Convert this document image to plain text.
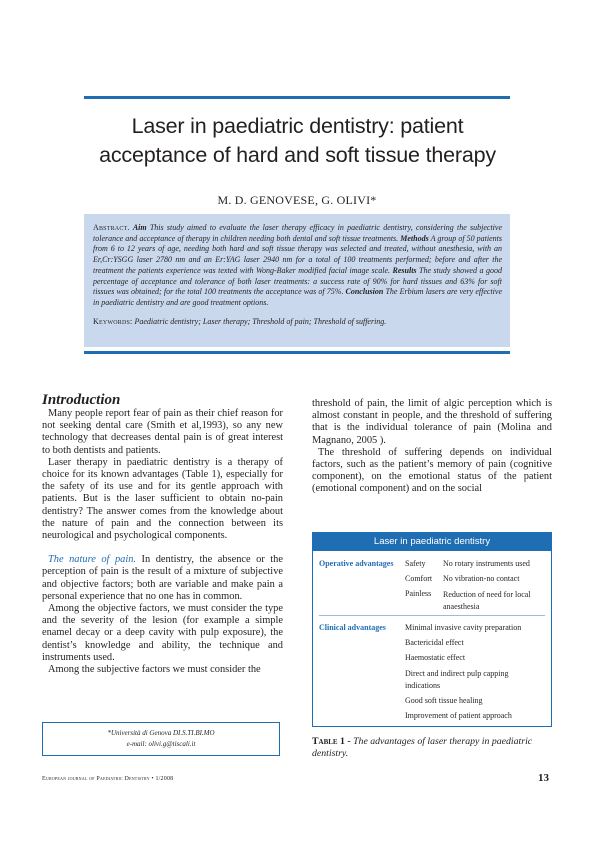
Laser in paediatric dentistry: patient
acceptance of hard and soft tissue therapy
M. D. GENOVESE, G. OLIVI*
Abstract. Aim This study aimed to evaluate the laser therapy efficacy in paediatric dentistry, considering the subjective tolerance and acceptance of therapy in children needing both dental and soft tissue treatments. Methods A group of 50 patients from 6 to 12 years of age, needing both hard and soft tissue therapy was selected and treated, without anesthesia, with an Er,Cr:YSGG laser 2780 nm and an Er:YAG laser 2940 nm for a total of 100 treatments performed; before and after the treatment the patients experience was texted with Wong-Baker modified facial image scale. Results The study showed a good percentage of acceptance and tolerance of both laser treatments: a success rate of 90% for hard tissues and 63% for soft tissues was obtained; for the total 100 treatments the acceptance was of 75%. Conclusion The Erbium lasers are very effective in paediatric dentistry and are good treatment options.
Keywords: Paediatric dentistry; Laser therapy; Threshold of pain; Threshold of suffering.
Introduction

Many people report fear of pain as their chief reason for not seeking dental care (Smith et al,1993), so any new technology that decreases dental pain is of great interest to both dentists and patients.

Laser therapy in paediatric dentistry is a therapy of choice for its known advantages (Table 1), especially for the safety of its use and for its gentle approach with patients. But is the laser sufficient to obtain no-pain dentistry? The answer comes from the knowledge about the nature of pain and the connection between its neurological and psychological components.

The nature of pain. In dentistry, the absence or the perception of pain is the result of a mixture of subjective and objective factors; both are variable and make pain a personal experience that no one has in common.

Among the objective factors, we must consider the type and the severity of the lesion (for example a simple enamel decay or a deep cavity with pulp exposure), the dentist’s knowledge and ability, the technique and instruments used.

Among the subjective factors we must consider the

*Università di Genova DI.S.TI.BI.MO
e-mail: olivi.g@tiscali.it

threshold of pain, the limit of algic perception which is almost constant in people, and the threshold of suffering that is the individual tolerance of pain (Molina and Magnano, 2005 ).

The threshold of suffering depends on individual factors, such as the patient’s memory of pain (cognitive component), on the emotional status of the patient (emotional component) and on the social

Laser in paediatric dentistry
Operative advantages Safety No rotary instruments used
Comfort	No vibration-no contact
Painless Reduction of need for local anaesthesia
Clinical advantages Minimal invasive cavity preparation
Bactericidal effect
Haemostatic effect
Direct and indirect pulp capping indications
Good soft tissue healing
Improvement of patient approach
Table 1 - The advantages of laser therapy in paediatric dentistry.
European journal of Paediatric Dentistry • 1/2008	13
